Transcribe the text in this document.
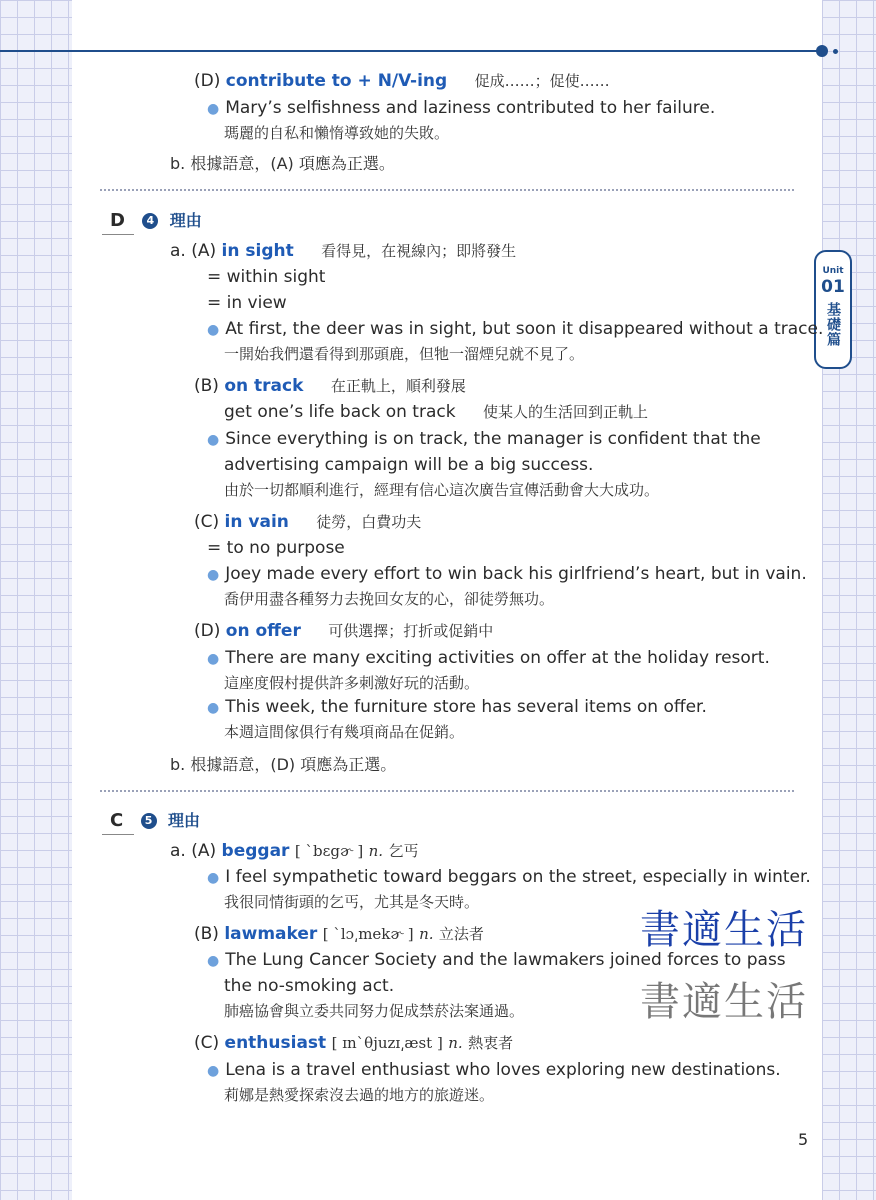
Unit
01
基礎篇
(D) contribute to + N/V-ing 促成……；促使……
● Mary’s selfishness and laziness contributed to her failure.
瑪麗的自私和懶惰導致她的失敗。
b. 根據語意，(A) 項應為正選。
D 4 理由
a. (A) in sight 看得見，在視線內；即將發生
= within sight
= in view
● At first, the deer was in sight, but soon it disappeared without a trace.
一開始我們還看得到那頭鹿，但牠一溜煙兒就不見了。
(B) on track 在正軌上，順利發展
get one’s life back on track 使某人的生活回到正軌上
● Since everything is on track, the manager is confident that the
advertising campaign will be a big success.
由於一切都順利進行，經理有信心這次廣告宣傳活動會大大成功。
(C) in vain 徒勞，白費功夫
= to no purpose
● Joey made every effort to win back his girlfriend’s heart, but in vain.
喬伊用盡各種努力去挽回女友的心，卻徒勞無功。
(D) on offer 可供選擇；打折或促銷中
● There are many exciting activities on offer at the holiday resort.
這座度假村提供許多刺激好玩的活動。
● This week, the furniture store has several items on offer.
本週這間傢俱行有幾項商品在促銷。
b. 根據語意，(D) 項應為正選。
C 5 理由
a. (A) beggar [ ˋbɛgɚ ] n. 乞丐
● I feel sympathetic toward beggars on the street, especially in winter.
我很同情街頭的乞丐，尤其是冬天時。
(B) lawmaker [ ˋlɔ͵mekɚ ] n. 立法者
● The Lung Cancer Society and the lawmakers joined forces to pass
the no-smoking act.
肺癌協會與立委共同努力促成禁菸法案通過。
(C) enthusiast [ ɪnˋθjuzɪ͵æst ] n. 熱衷者
● Lena is a travel enthusiast who loves exploring new destinations.
莉娜是熱愛探索沒去過的地方的旅遊迷。
書適生活
書適生活
5
